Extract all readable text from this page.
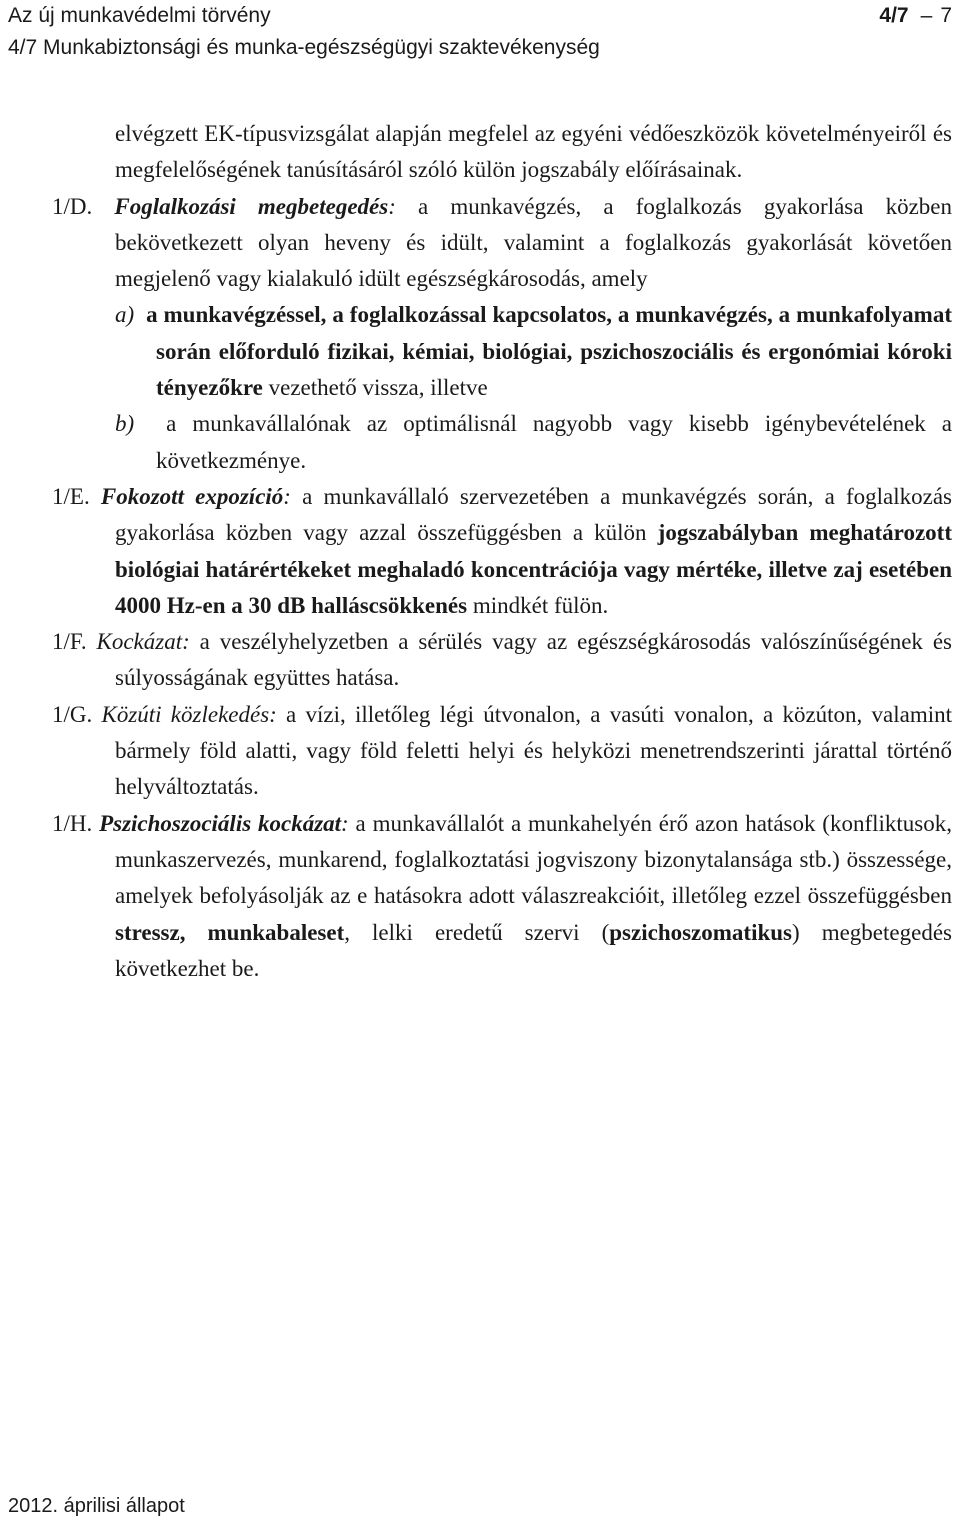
Az új munkavédelmi törvény	4/7 – 7
4/7 Munkabiztonsági és munka-egészségügyi szaktevékenység

elvégzett EK-típusvizsgálat alapján megfelel az egyéni védőeszközök követelményeiről és megfelelőségének tanúsításáról szóló külön jogszabály előírásainak.

1/D. Foglalkozási megbetegedés: a munkavégzés, a foglalkozás gyakorlása közben bekövetkezett olyan heveny és idült, valamint a foglalkozás gyakorlását követően megjelenő vagy kialakuló idült egészségkárosodás, amely

a) a munkavégzéssel, a foglalkozással kapcsolatos, a munkavégzés, a munkafolyamat során előforduló fizikai, kémiai, biológiai, pszichoszociális és ergonómiai kóroki tényezőkre vezethető vissza, illetve

b) a munkavállalónak az optimálisnál nagyobb vagy kisebb igénybevételének a következménye.

1/E. Fokozott expozíció: a munkavállaló szervezetében a munkavégzés során, a foglalkozás gyakorlása közben vagy azzal összefüggésben a külön jogszabályban meghatározott biológiai határértékeket meghaladó koncentrációja vagy mértéke, illetve zaj esetében 4000 Hz-en a 30 dB halláscsökkenés mindkét fülön.

1/F. Kockázat: a veszélyhelyzetben a sérülés vagy az egészségkárosodás valószínűségének és súlyosságának együttes hatása.

1/G. Közúti közlekedés: a vízi, illetőleg légi útvonalon, a vasúti vonalon, a közúton, valamint bármely föld alatti, vagy föld feletti helyi és helyközi menetrendszerinti járattal történő helyváltoztatás.

1/H. Pszichoszociális kockázat: a munkavállalót a munkahelyén érő azon hatások (konfliktusok, munkaszervezés, munkarend, foglalkoztatási jogviszony bizonytalansága stb.) összessége, amelyek befolyásolják az e hatásokra adott válaszreakcióit, illetőleg ezzel összefüggésben stressz, munkabaleset, lelki eredetű szervi (pszichoszomatikus) megbetegedés következhet be.

2012. áprilisi állapot
